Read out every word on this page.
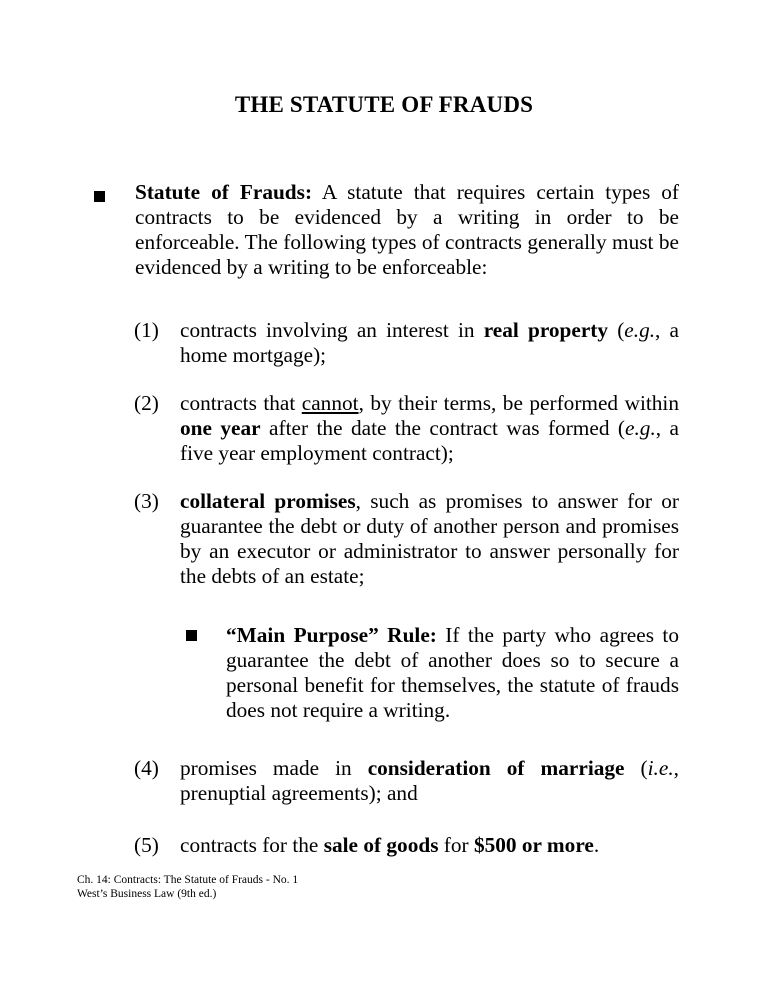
THE STATUTE OF FRAUDS
Statute of Frauds: A statute that requires certain types of contracts to be evidenced by a writing in order to be enforceable. The following types of contracts generally must be evidenced by a writing to be enforceable:
(1) contracts involving an interest in real property (e.g., a home mortgage);
(2) contracts that cannot, by their terms, be performed within one year after the date the contract was formed (e.g., a five year employment contract);
(3) collateral promises, such as promises to answer for or guarantee the debt or duty of another person and promises by an executor or administrator to answer personally for the debts of an estate;
“Main Purpose” Rule: If the party who agrees to guarantee the debt of another does so to secure a personal benefit for themselves, the statute of frauds does not require a writing.
(4) promises made in consideration of marriage (i.e., prenuptial agreements); and
(5) contracts for the sale of goods for $500 or more.
Ch. 14: Contracts: The Statute of Frauds - No. 1
West’s Business Law (9th ed.)
